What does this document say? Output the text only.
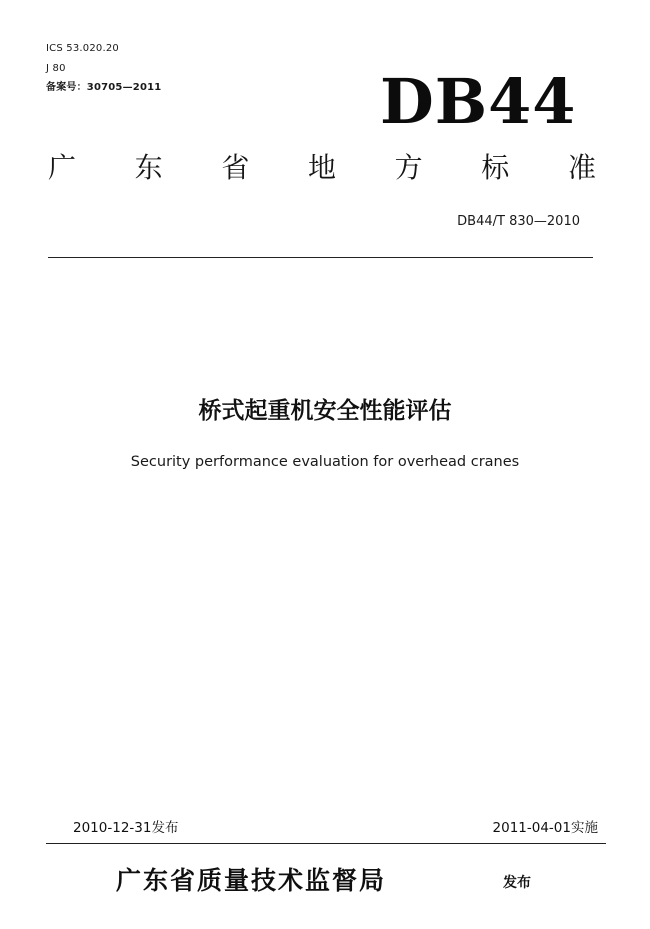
ICS 53.020.20
J 80
备案号：30705—2011	DB44
广 东 省 地 方 标 准
DB44/T 830—2010
桥式起重机安全性能评估
Security performance evaluation for overhead cranes
2010-12-31发布	2011-04-01实施
广东省质量技术监督局	发布
